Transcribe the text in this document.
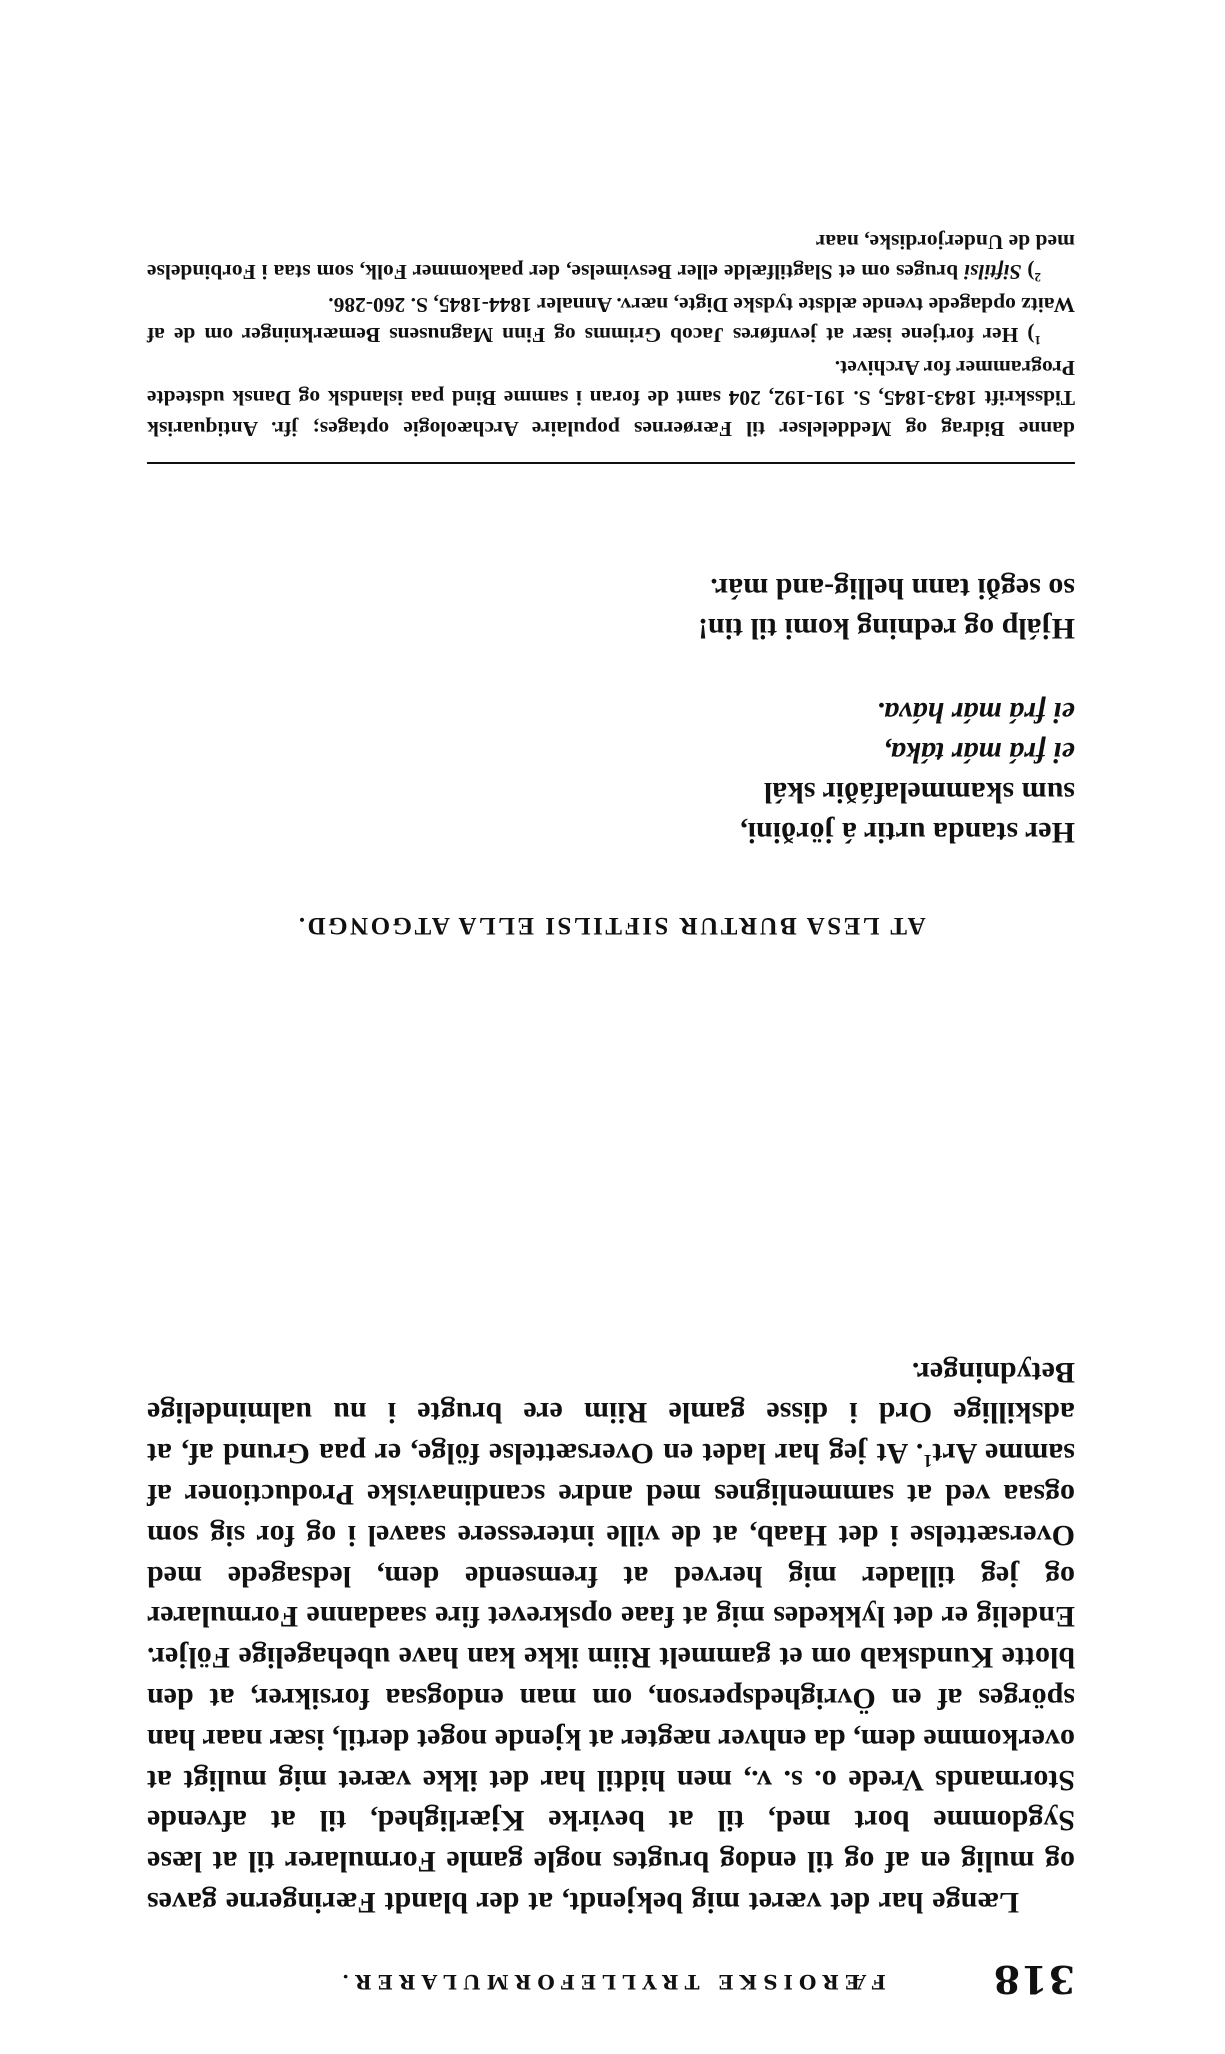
318
FÆROISKE TRYLLEFORMULARER.

Længe har det været mig bekjendt, at der blandt Færingerne gaves og mulig en af og til endog brugtes nogle gamle Formularer til at læse Sygdomme bort med, til at bevirke Kjærlighed, til at afvende Stormands Vrede o. s. v., men hidtil har det ikke været mig muligt at overkomme dem, da enhver nægter at kjende noget dertil, især naar han spörges af en Övrighedsperson, om man endogsaa forsikrer, at den blotte Kundskab om et gammelt Riim ikke kan have ubehagelige Följer. Endelig er det lykkedes mig at faae opskrevet fire saadanne Formularer og jeg tillader mig herved at fremsende dem, ledsagede med Oversættelse i det Haab, at de ville interessere saavel i og for sig som ogsaa ved at sammenlignes med andre scandinaviske Productioner af samme Art$^1$. At jeg har ladet en Oversættelse fölge, er paa Grund af, at adskillige Ord i disse gamle Riim ere brugte i nu ualmindelige Betydninger.

AT LESA BURTUR SIFTILSI ELLA ATGONGD.
Her standa urtir á jörðini,
sum skammelafáðir skál
ei frá már táka,
ei frá már háva.
Hjálp og redning komi til tin!
so segði tann hellig-and már.

danne Bidrag og Meddelelser til Færøernes populaire Archæologie optages; jfr. Antiquarisk Tidsskrift 1843-1845, S. 191-192, 204 samt de foran i samme Bind paa islandsk og Dansk udstedte Programmer for Archivet.

$^1$) Her fortjene især at jevnføres Jacob Grimms og Finn Magnusens Bemærkninger om de af Waitz opdagede tvende ældste tydske Digte, nærv. Annaler 1844-1845, S. 260-286.

$^2$) Siftilsi bruges om et Slagtilfælde eller Besvimelse, der paakommer Folk, som staa i Forbindelse med de Underjordiske, naar
